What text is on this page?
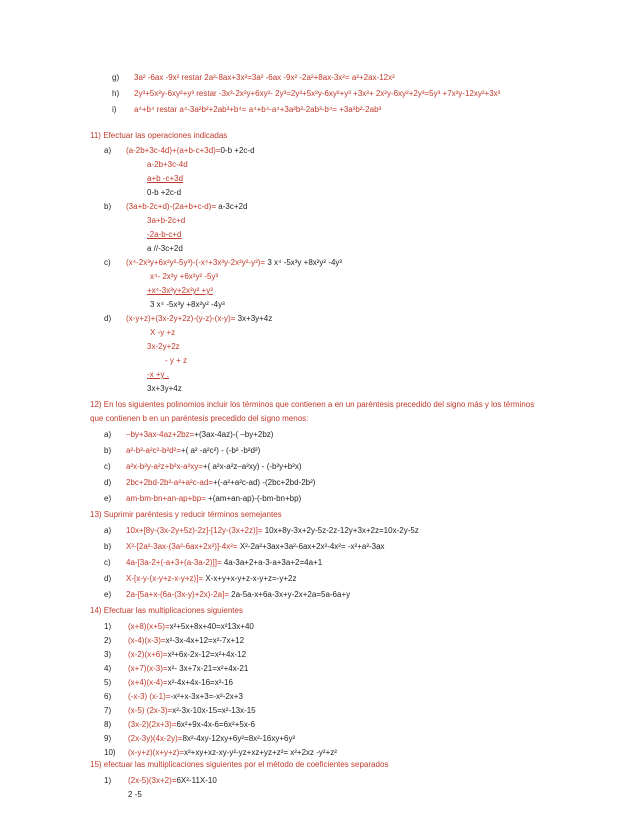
g) 3a² -6ax -9x² restar 2a²-8ax+3x²=3a² -6ax -9x² -2a²+8ax-3x²= a²+2ax-12x²
h) 2y³+5x²y-6xy²+y³ restar -3x³-2x²y+6xy²- 2y³=2y³+5x²y-6xy²+y³ +3x³+ 2x²y-6xy²+2y³=5y³ +7x²y-12xy²+3x³
i) a⁴+b⁴ restar a⁴-3a²b²+2ab³+b⁴= a⁴+b⁴-a⁴+3a²b²-2ab³-b⁴= +3a²b²-2ab³
11) Efectuar las operaciones indicadas
a) (a-2b+3c-4d)+(a+b-c+3d)=0-b +2c-d
a-2b+3c-4d
a+b -c+3d
0-b +2c-d
b) (3a+b-2c+d)-(2a+b+c-d)= a-3c+2d
3a+b-2c+d
-2a-b-c+d
a //-3c+2d
c) (x⁴-2x³y+6x²y²-5y³)-(-x⁴+3x³y-2x²y²-y³)= 3 x⁴ -5x³y +8x²y² -4y³
x⁴- 2x³y +6x²y² -5y³
+x⁴-3x³y+2x²y² +y³
3 x⁴ -5x³y +8x²y² -4y³
d) (x-y+z)+(3x-2y+2z)-(y-z)-(x-y)= 3x+3y+4z
X -y +z
3x-2y+2z
- y + z
-x +y .
3x+3y+4z
12) En los siguientes polinomios incluir los términos que contienen a en un paréntesis precedido del signo más y los términos
que contienen b en un paréntesis precedido del signo menos:
a) –by+3ax-4az+2bz=+(3ax-4az)-( –by+2bz)
b) a²-b²-a²c²-b²d²=+( a² -a²c²) - (-b² -b²d²)
c) a²x-b²y-a²z+b²x-a²xy=+( a²x-a²z–a²xy) - (-b²y+b²x)
d) 2bc+2bd-2b²-a²+a²c-ad=+(-a²+a²c-ad) -(2bc+2bd-2b²)
e) am-bm-bn+an-ap+bp= +(am+an-ap)-(-bm-bn+bp)
13) Suprimir paréntesis y reducir términos semejantes
a) 10x+[8y-(3x-2y+5z)-2z]-[12y-(3x+2z)]= 10x+8y-3x+2y-5z-2z-12y+3x+2z=10x-2y-5z
b) X²-[2a²-3ax-(3a²-6ax+2x²)]-4x²= X²-2a²+3ax+3a²-6ax+2x²-4x²= -x²+a²-3ax
c) 4a-[3a-2+(-a+3+(a-3a-2)]]= 4a-3a+2+a-3-a+3a+2=4a+1
d) X-[x-y-(x-y+z-x-y+z)]= X-x+y+x-y+z-x-y+z=-y+2z
e) 2a-[5a+x-(6a-(3x-y)+2x)-2a]= 2a-5a-x+6a-3x+y-2x+2a=5a-6a+y
14) Efectuar las multiplicaciones siguientes
1) (x+8)(x+5)=x²+5x+8x+40=x²13x+40
2) (x-4)(x-3)=x²-3x-4x+12=x²-7x+12
3) (x-2)(x+6)=x²+6x-2x-12=x²+4x-12
4) (x+7)(x-3)=x²- 3x+7x-21=x²+4x-21
5) (x+4)(x-4)=x²-4x+4x-16=x²-16
6) (-x-3) (x-1)=-x²+x-3x+3=-x²-2x+3
7) (x-5) (2x-3)=x²-3x-10x-15=x²-13x-15
8) (3x-2)(2x+3)=6x²+9x-4x-6=6x²+5x-6
9) (2x-3y)(4x-2y)=8x²-4xy-12xy+6y²=8x²-16xy+6y²
10) (x-y+z)(x+y+z)=x²+xy+xz-xy-y²-yz+xz+yz+z²= x²+2xz -y²+z²
15) efectuar las multiplicaciones siguientes por el método de coeficientes separados
1) (2x-5)(3x+2)=6X²-11X-10
2 -5
